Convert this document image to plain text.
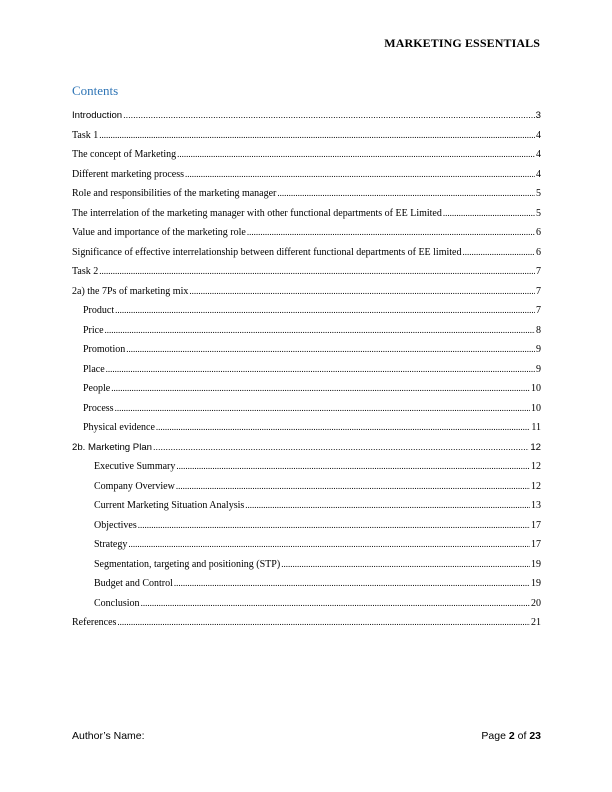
MARKETING ESSENTIALS
Contents
Introduction .....	3
Task 1 .....	4
The concept of Marketing .....	4
Different marketing process .....	4
Role and responsibilities of the marketing manager .....	5
The interrelation of the marketing manager with other functional departments of EE Limited .....	5
Value and importance of the marketing role .....	6
Significance of effective interrelationship between different functional departments of EE limited .....	6
Task 2 .....	7
2a) the 7Ps of marketing mix .....	7
Product .....	7
Price .....	8
Promotion .....	9
Place .....	9
People .....	10
Process .....	10
Physical evidence .....	11
2b. Marketing Plan .....	12
Executive Summary .....	12
Company Overview .....	12
Current Marketing Situation Analysis .....	13
Objectives .....	17
Strategy .....	17
Segmentation, targeting and positioning (STP) .....	19
Budget and Control .....	19
Conclusion .....	20
References .....	21
Author’s Name:	Page 2 of 23
